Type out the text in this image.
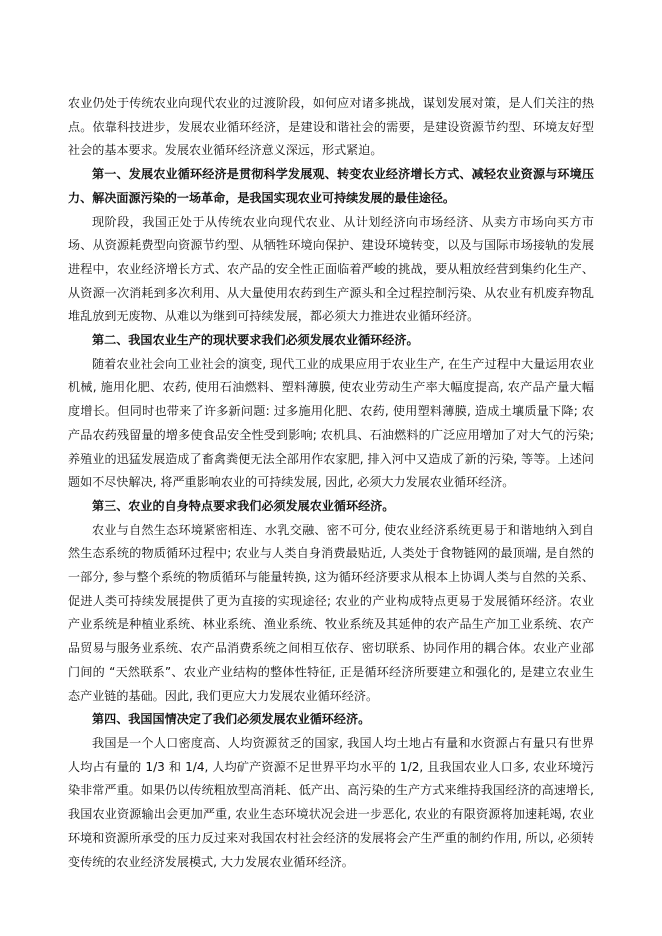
农业仍处于传统农业向现代农业的过渡阶段，如何应对诸多挑战，谋划发展对策，是人们关注的热点。依靠科技进步，发展农业循环经济，是建设和谐社会的需要，是建设资源节约型、环境友好型社会的基本要求。发展农业循环经济意义深远，形式紧迫。

第一、发展农业循环经济是贯彻科学发展观、转变农业经济增长方式、减轻农业资源与环境压力、解决面源污染的一场革命，是我国实现农业可持续发展的最佳途径。

现阶段，我国正处于从传统农业向现代农业、从计划经济向市场经济、从卖方市场向买方市场、从资源耗费型向资源节约型、从牺牲环境向保护、建设环境转变，以及与国际市场接轨的发展进程中，农业经济增长方式、农产品的安全性正面临着严峻的挑战，要从粗放经营到集约化生产、从资源一次消耗到多次利用、从大量使用农药到生产源头和全过程控制污染、从农业有机废弃物乱堆乱放到无废物、从难以为继到可持续发展，都必须大力推进农业循环经济。

第二、我国农业生产的现状要求我们必须发展农业循环经济。

随着农业社会向工业社会的演变, 现代工业的成果应用于农业生产, 在生产过程中大量运用农业机械, 施用化肥、农药, 使用石油燃料、塑料薄膜, 使农业劳动生产率大幅度提高, 农产品产量大幅度增长。但同时也带来了许多新问题: 过多施用化肥、农药, 使用塑料薄膜, 造成土壤质量下降; 农产品农药残留量的增多使食品安全性受到影响; 农机具、石油燃料的广泛应用增加了对大气的污染; 养殖业的迅猛发展造成了畜禽粪便无法全部用作农家肥, 排入河中又造成了新的污染, 等等。上述问题如不尽快解决, 将严重影响农业的可持续发展, 因此, 必须大力发展农业循环经济。

第三、农业的自身特点要求我们必须发展农业循环经济。

农业与自然生态环境紧密相连、水乳交融、密不可分, 使农业经济系统更易于和谐地纳入到自然生态系统的物质循环过程中; 农业与人类自身消费最贴近, 人类处于食物链网的最顶端, 是自然的一部分, 参与整个系统的物质循环与能量转换, 这为循环经济要求从根本上协调人类与自然的关系、促进人类可持续发展提供了更为直接的实现途径; 农业的产业构成特点更易于发展循环经济。农业产业系统是种植业系统、林业系统、渔业系统、牧业系统及其延伸的农产品生产加工业系统、农产品贸易与服务业系统、农产品消费系统之间相互依存、密切联系、协同作用的耦合体。农业产业部门间的 “天然联系”、农业产业结构的整体性特征, 正是循环经济所要建立和强化的, 是建立农业生态产业链的基础。因此, 我们更应大力发展农业循环经济。

第四、我国国情决定了我们必须发展农业循环经济。

我国是一个人口密度高、人均资源贫乏的国家, 我国人均土地占有量和水资源占有量只有世界人均占有量的 1/3 和 1/4, 人均矿产资源不足世界平均水平的 1/2, 且我国农业人口多, 农业环境污染非常严重。如果仍以传统粗放型高消耗、低产出、高污染的生产方式来维持我国经济的高速增长, 我国农业资源输出会更加严重, 农业生态环境状况会进一步恶化, 农业的有限资源将加速耗竭, 农业环境和资源所承受的压力反过来对我国农村社会经济的发展将会产生严重的制约作用, 所以, 必须转变传统的农业经济发展模式, 大力发展农业循环经济。
